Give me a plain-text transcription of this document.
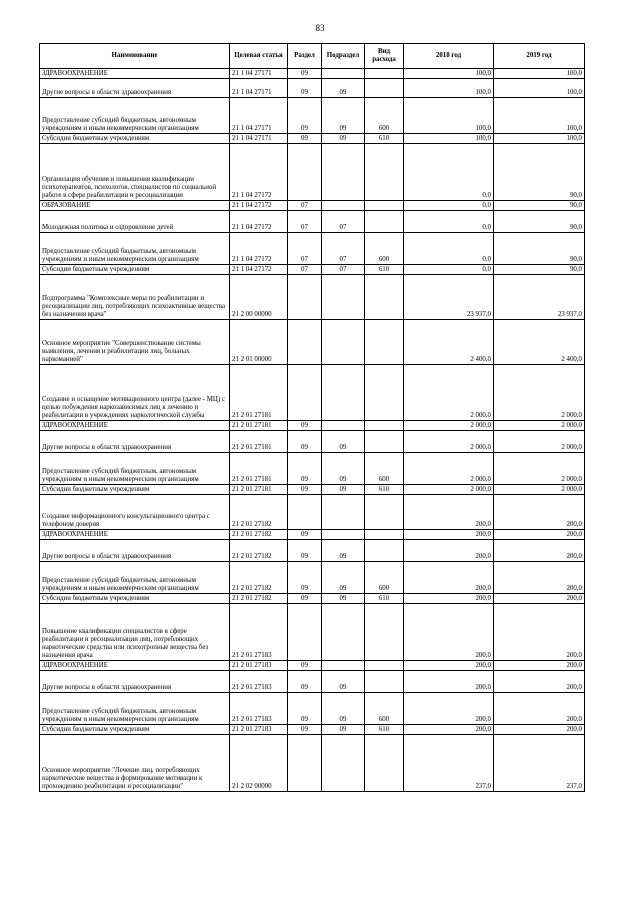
83
Наименование	Целевая статья	Раздел	Подраздел	Вид расхода	2018 год	2019 год
ЗДРАВООХРАНЕНИЕ	21 1 04 27171	09			100,0	100,0
Другие вопросы в области здравоохранения	21 1 04 27171	09	09		100,0	100,0
Предоставление субсидий бюджетным, автономным учреждениям и иным некоммерческим организациям	21 1 04 27171	09	09	600	100,0	100,0
Субсидии бюджетным учреждениям	21 1 04 27171	09	09	610	100,0	100,0
Организация обучения и повышения квалификации психотерапевтов, психологов, специалистов по социальной работе в сфере реабилитации и ресоциализации	21 1 04 27172				0,0	90,0
ОБРАЗОВАНИЕ	21 1 04 27172	07			0,0	90,0
Молодежная политика и оздоровление детей	21 1 04 27172	07	07		0,0	90,0
Предоставление субсидий бюджетным, автономным учреждениям и иным некоммерческим организациям	21 1 04 27172	07	07	600	0,0	90,0
Субсидии бюджетным учреждениям	21 1 04 27172	07	07	610	0,0	90,0
Подпрограмма "Комплексные меры по реабилитации и ресоциализации лиц, потребляющих психоактивные вещества без назначения врача"	21 2 00 00000				23 937,0	23 937,0
Основное мероприятие "Совершенствование системы выявления, лечения и реабилитации лиц, больных наркоманией"	21 2 01 00000				2 400,0	2 400,0
Создание и оснащение мотивационного центра (далее - МЦ) с целью побуждения наркозависимых лиц к лечению и реабилитации в учреждениях наркологической службы	21 2 01 27181				2 000,0	2 000,0
ЗДРАВООХРАНЕНИЕ	21 2 01 27181	09			2 000,0	2 000,0
Другие вопросы в области здравоохранения	21 2 01 27181	09	09		2 000,0	2 000,0
Предоставление субсидий бюджетным, автономным учреждениям и иным некоммерческим организациям	21 2 01 27181	09	09	600	2 000,0	2 000,0
Субсидии бюджетным учреждениям	21 2 01 27181	09	09	610	2 000,0	2 000,0
Создание информационного консультационного центра с телефоном доверия	21 2 01 27182				200,0	200,0
ЗДРАВООХРАНЕНИЕ	21 2 01 27182	09			200,0	200,0
Другие вопросы в области здравоохранения	21 2 01 27182	09	09		200,0	200,0
Предоставление субсидий бюджетным, автономным учреждениям и иным некоммерческим организациям	21 2 01 27182	09	09	600	200,0	200,0
Субсидии бюджетным учреждениям	21 2 01 27182	09	09	610	200,0	200,0
Повышение квалификации специалистов в сфере реабилитации и ресоциализации лиц, потребляющих наркотические средства или психотропные вещества без назначения врача	21 2 01 27183				200,0	200,0
ЗДРАВООХРАНЕНИЕ	21 2 01 27183	09			200,0	200,0
Другие вопросы в области здравоохранения	21 2 01 27183	09	09		200,0	200,0
Предоставление субсидий бюджетным, автономным учреждениям и иным некоммерческим организациям	21 2 01 27183	09	09	600	200,0	200,0
Субсидии бюджетным учреждениям	21 2 01 27183	09	09	610	200,0	200,0
Основное мероприятие "Лечение лиц, потребляющих наркотические вещества и формирование мотивации к прохождению реабилитации и ресоциализации"	21 2 02 00000				237,0	237,0
